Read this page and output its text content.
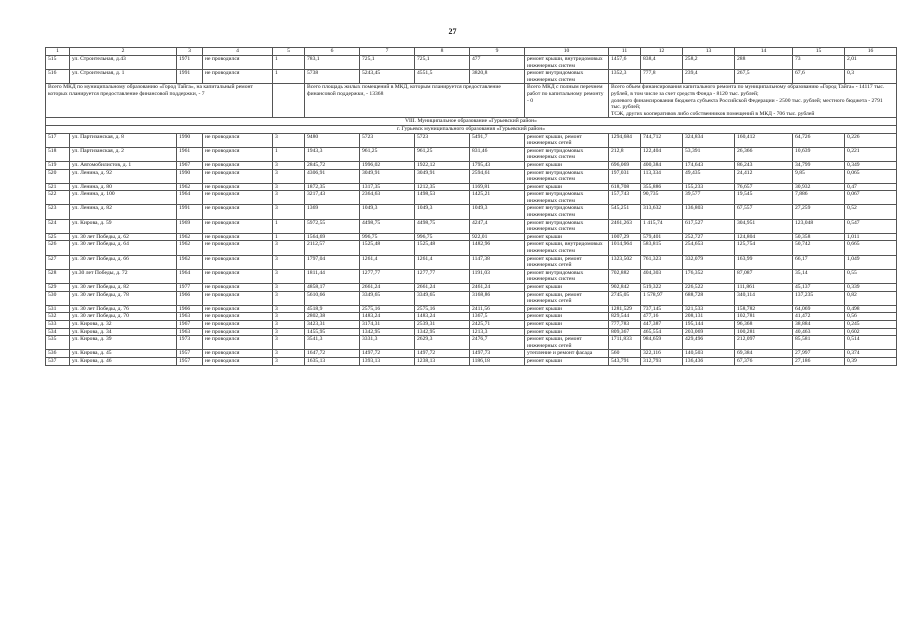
27
1	2	3	4	5	6	7	8	9	10	11	12	13	14	15	16
515	ул. Строительная, д.43	1971	не проводился	1	783,1	725,1	725,1	477	ремонт крыши, внутридомовых инженерных систем	1457,6	838,4	258,2	288	73	2,01
516	ул. Строительная, д. 1	1991	не проводился	1	5738	5243,45	4551,5	3820,8	ремонт внутридомовых инженерных систем	1352,3	777,8	239,4	267,5	67,6	0,3
Всего МКД по муниципальному образованию «Город Тайга», на капитальный ремонт которых планируется предоставление финансовой поддержки, - 7					Всего площадь жилых помещений в МКД, которым планируется предоставление финансовой поддержки, - 13368				Всего МКД с полным перечнем работ по капитальному ремонту - 0	Всего объем финансирования капитального ремонта по муниципальному образованию «Город Тайга» - 14117 тыс. рублей, в том числе за счет средств Фонда - 8120 тыс. рублей;
долевого финансирования бюджета субъекта Российской Федерации - 2500 тыс. рублей; местного бюджета - 2791 тыс. рублей;
ТСЖ, других кооперативов либо собственников помещений в МКД - 706 тыс. рублей					

VIII. Муниципальное образование «Гурьевский район»															
г. Гурьевск муниципального образования «Гурьевский район»															
517	ул. Партизанская, д. 8	1990	не проводился	3	9480	5723	5723	5491,7	ремонт крыши, ремонт инженерных сетей	1294,684	744,712	324,834	160,412	64,726	0,226
518	ул. Партизанская, д. 2	1961	не проводился	1	1943,3	961,25	961,25	831,46	ремонт внутридомовых инженерных систем	212,8	122,404	53,391	26,366	10,639	0,221
519	ул. Автомобилистов, д. 1	1967	не проводился	3	2845,72	1996,02	1922,12	1795,43	ремонт крыши	696,069	400,384	174,643	86,243	34,799	0,349
520	ул. Ленина, д. 92	1990	не проводился	3	4306,91	3049,91	3049,91	2594,61	ремонт внутридомовых инженерных систем	197,031	113,334	49,435	24,412	9,85	0,065
521	ул. Ленина, д. 80	1962	не проводился	3	1872,35	1317,35	1212,35	1169,81	ремонт крыши	618,708	355,886	155,233	76,657	30,932	0,47
522	ул. Ленина, д. 100	1964	не проводился	3	3217,43	2364,63	1498,53	1425,21	ремонт внутридомовых инженерных систем	157,743	90,735	39,577	19,545	7,886	0,067
523	ул. Ленина, д. 82	1991	не проводился	3	1369	1049,3	1049,3	1049,3	ремонт внутридомовых инженерных систем	545,251	313,632	136,803	67,557	27,259	0,52
524	ул. Кирова, д. 59	1969	не проводился	1	5972,55	4498,75	4498,75	4247,4	ремонт внутридомовых инженерных систем	2461,263	1 415,74	617,527	304,951	123,048	0,547
525	ул. 30 лет Победы, д. 62	1962	не проводился	1	1564,69	996,75	996,75	922,01	ремонт крыши	1007,29	579,401	252,727	124,804	50,358	1,011
526	ул. 30 лет Победы, д. 64	1962	не проводился	3	2112,57	1525,48	1525,48	1482,96	ремонт крыши, внутридомовых инженерных систем	1014,964	583,815	254,653	125,754	50,742	0,665
527	ул. 30 лет Победы, д. 66	1962	не проводился	3	1797,04	1261,4	1261,4	1147,38	ремонт крыши, ремонт инженерных сетей	1323,502	761,323	332,079	163,99	66,17	1,049
528	ул.30 лет Победы, д. 72	1964	не проводился	3	1811,44	1277,77	1277,77	1191,03	ремонт внутридомовых инженерных систем	702,882	404,303	176,352	87,087	35,14	0,55
529	ул. 30 лет Победы, д. 82	1977	не проводился	3	4858,17	2661,24	2661,24	2461,24	ремонт крыши	902,842	519,322	226,522	111,861	45,137	0,339
530	ул. 30 лет Победы, д. 78	1966	не проводился	3	5610,66	3349,65	3349,65	3168,86	ремонт крыши, ремонт инженерных сетей	2745,05	1 578,97	688,728	340,114	137,235	0,82
531	ул. 30 лет Победы, д. 76	1966	не проводился	3	4518,9	2575,16	2575,16	2411,56	ремонт крыши	1281,529	737,145	321,533	158,782	64,069	0,498
532	ул. 30 лет Победы, д. 70	1963	не проводился	3	2802,38	1483,24	1483,24	1367,5	ремонт крыши	829,544	477,16	208,131	102,781	41,472	0,56
533	ул. Кирова, д. 32	1967	не проводился	3	3423,31	3174,31	2539,31	2425,71	ремонт крыши	777,783	447,387	195,144	96,368	38,884	0,245
534	ул. Кирова, д. 34	1963	не проводился	3	1455,95	1342,95	1342,95	1213,3	ремонт крыши	809,367	465,554	203,069	100,281	40,463	0,602
535	ул. Кирова, д. 39	1973	не проводился	3	3541,3	3331,3	2629,3	2476,7	ремонт крыши, ремонт инженерных сетей	1711,833	984,659	429,496	212,097	85,581	0,514
536	ул. Кирова, д. 45	1957	не проводился	3	1647,72	1497,72	1497,72	1497,73	утепление и ремонт фасада	560	322,116	140,503	69,384	27,997	0,374
537	ул. Кирова, д. 46	1957	не проводился	3	1635,13	1393,13	1238,13	1186,18	ремонт крыши	543,791	312,793	136,436	67,376	27,186	0,39
